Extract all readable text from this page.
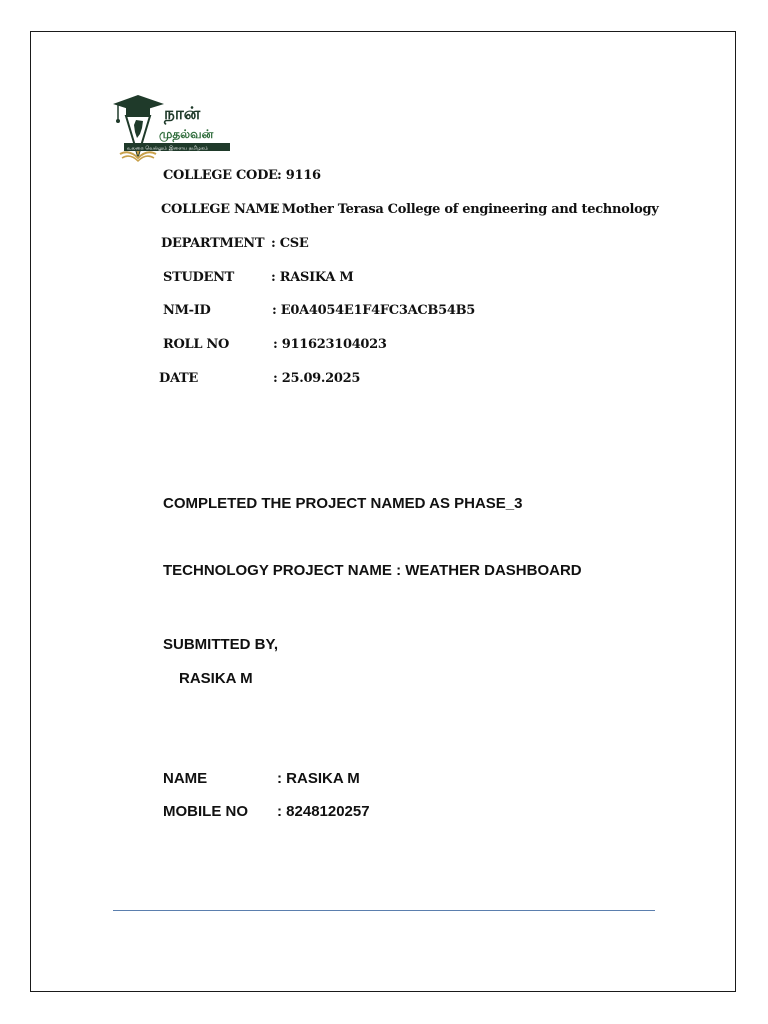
நான்
முதல்வன்
உலகை வெல்லும் இளைய தமிழகம்
COLLEGE CODE : 9116
COLLEGE NAME
: Mother Terasa College of engineering and technology
DEPARTMENT : CSE
STUDENT	: RASIKA M
NM-ID	: E0A4054E1F4FC3ACB54B5
ROLL NO	: 911623104023
DATE	: 25.09.2025
COMPLETED THE PROJECT NAMED AS PHASE_3
TECHNOLOGY PROJECT NAME : WEATHER DASHBOARD
SUBMITTED BY,
RASIKA M
NAME	: RASIKA M
MOBILE NO : 8248120257
